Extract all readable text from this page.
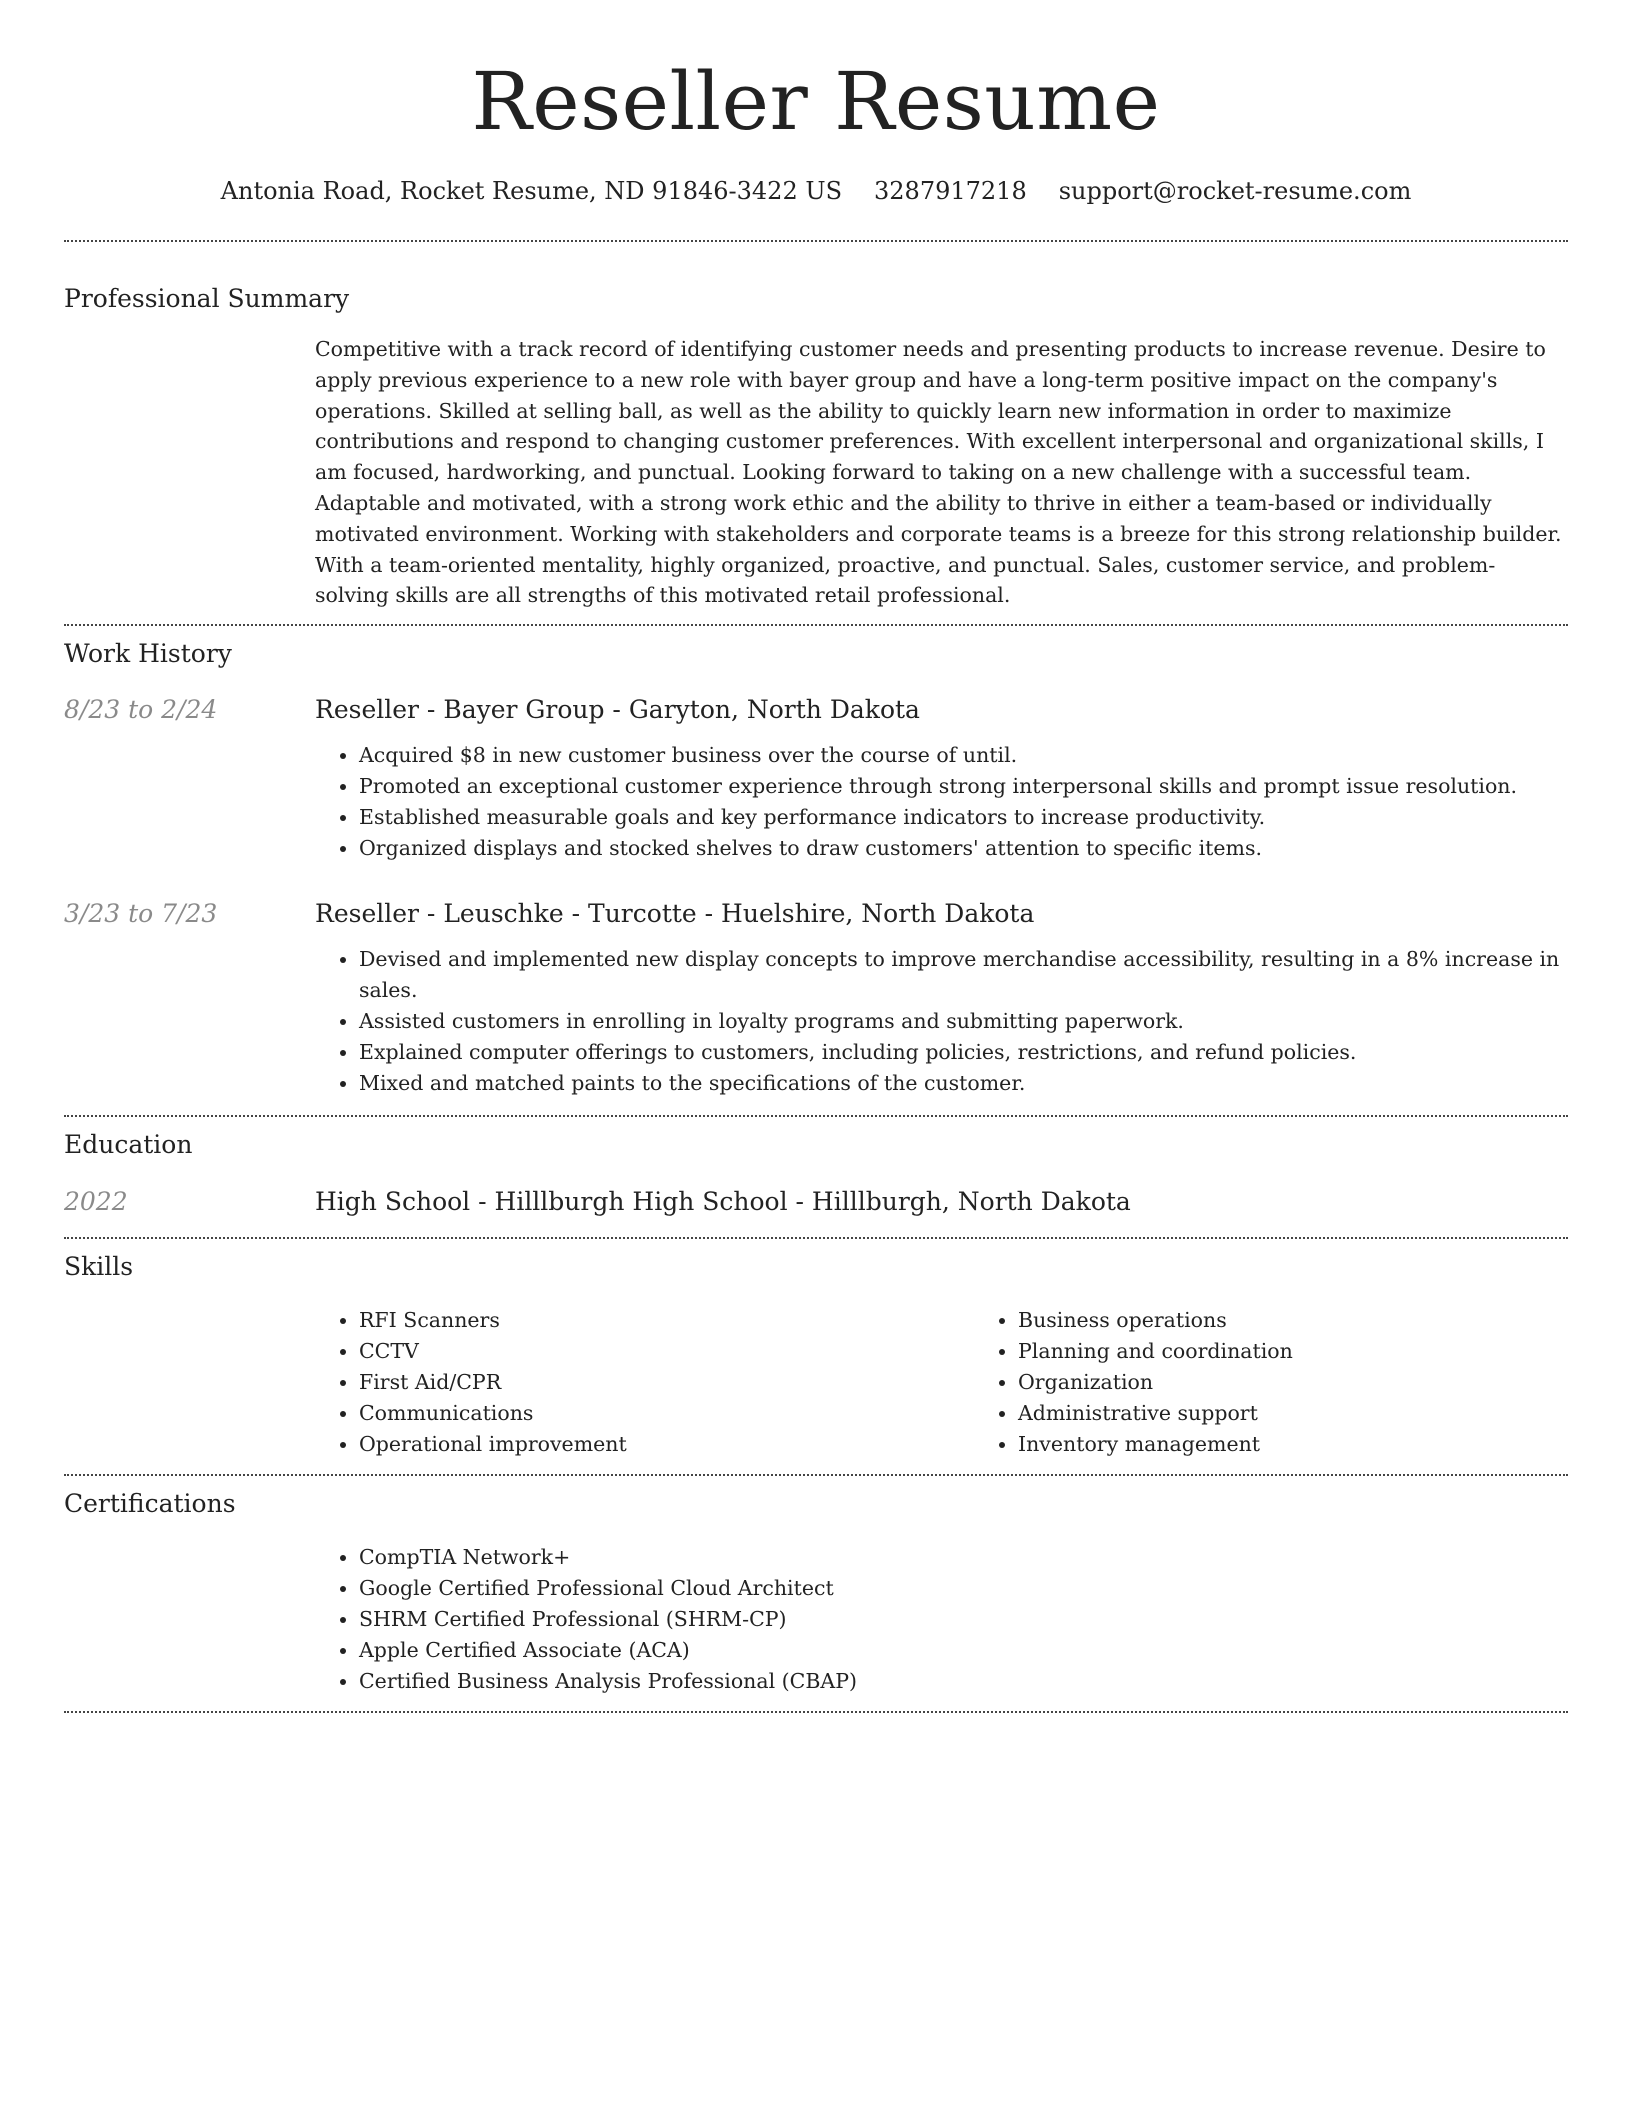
Reseller Resume
Antonia Road, Rocket Resume, ND 91846-3422 US 3287917218 support@rocket-resume.com
Professional Summary

Competitive with a track record of identifying customer needs and presenting products to increase revenue. Desire to apply previous experience to a new role with bayer group and have a long-term positive impact on the company's operations. Skilled at selling ball, as well as the ability to quickly learn new information in order to maximize contributions and respond to changing customer preferences. With excellent interpersonal and organizational skills, I am focused, hardworking, and punctual. Looking forward to taking on a new challenge with a successful team. Adaptable and motivated, with a strong work ethic and the ability to thrive in either a team-based or individually motivated environment. Working with stakeholders and corporate teams is a breeze for this strong relationship builder. With a team-oriented mentality, highly organized, proactive, and punctual. Sales, customer service, and problem-solving skills are all strengths of this motivated retail professional.

Work History
8/23 to 2/24	Reseller - Bayer Group - Garyton, North Dakota
• Acquired $8 in new customer business over the course of until.
• Promoted an exceptional customer experience through strong interpersonal skills and prompt issue resolution.
• Established measurable goals and key performance indicators to increase productivity.
• Organized displays and stocked shelves to draw customers' attention to specific items.
3/23 to 7/23	Reseller - Leuschke - Turcotte - Huelshire, North Dakota
• Devised and implemented new display concepts to improve merchandise accessibility, resulting in a 8% increase in sales.
• Assisted customers in enrolling in loyalty programs and submitting paperwork.
• Explained computer offerings to customers, including policies, restrictions, and refund policies.
• Mixed and matched paints to the specifications of the customer.
Education
2022	High School - Hilllburgh High School - Hilllburgh, North Dakota
Skills
• RFI Scanners
• CCTV
• First Aid/CPR
• Communications
• Operational improvement
• Business operations
• Planning and coordination
• Organization
• Administrative support
• Inventory management
Certifications
• CompTIA Network+
• Google Certified Professional Cloud Architect
• SHRM Certified Professional (SHRM-CP)
• Apple Certified Associate (ACA)
• Certified Business Analysis Professional (CBAP)
